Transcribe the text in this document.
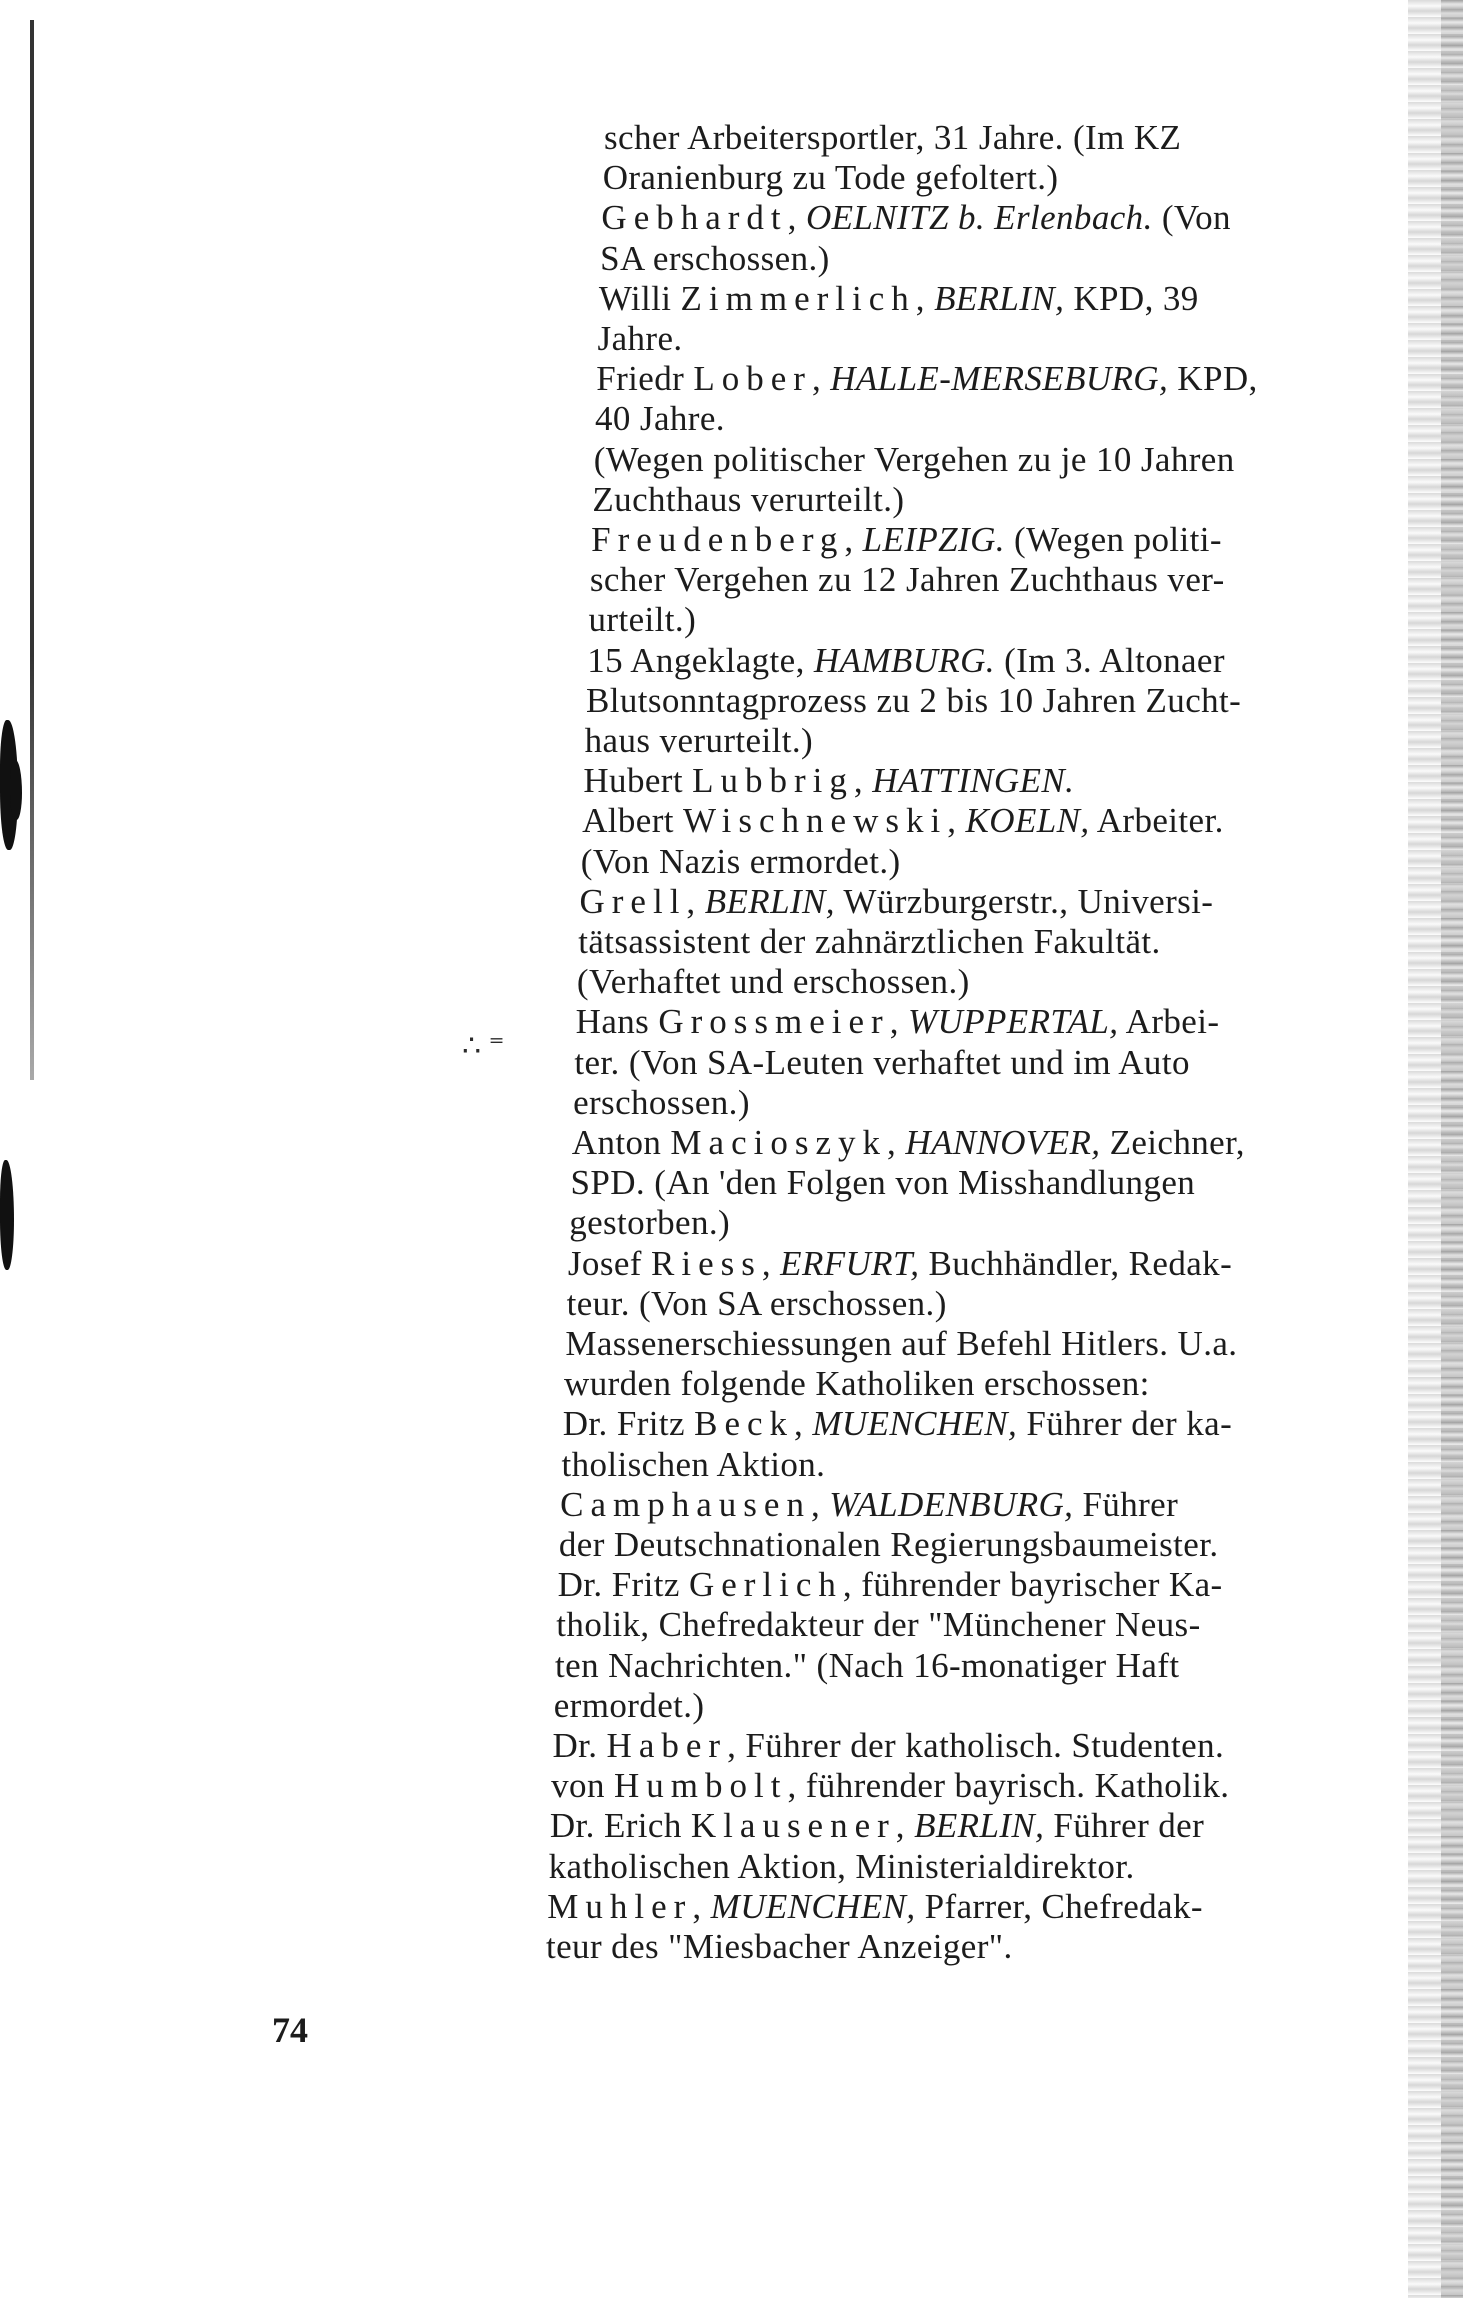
scher Arbeitersportler, 31 Jahre. (Im KZ
Oranienburg zu Tode gefoltert.)
Gebhardt, OELNITZ b. Erlenbach. (Von
SA erschossen.)
Willi Zimmerlich, BERLIN, KPD, 39
Jahre.
Friedr Lober, HALLE-MERSEBURG, KPD,
40 Jahre.
(Wegen politischer Vergehen zu je 10 Jahren
Zuchthaus verurteilt.)
Freudenberg, LEIPZIG. (Wegen politi-
scher Vergehen zu 12 Jahren Zuchthaus ver-
urteilt.)
15 Angeklagte, HAMBURG. (Im 3. Altonaer
Blutsonntagprozess zu 2 bis 10 Jahren Zucht-
haus verurteilt.)
Hubert Lubbrig, HATTINGEN.
Albert Wischnewski, KOELN, Arbeiter.
(Von Nazis ermordet.)
Grell, BERLIN, Würzburgerstr., Universi-
tätsassistent der zahnärztlichen Fakultät.
(Verhaftet und erschossen.)
Hans Grossmeier, WUPPERTAL, Arbei-
ter. (Von SA-Leuten verhaftet und im Auto
erschossen.)
Anton Macioszyk, HANNOVER, Zeichner,
SPD. (An 'den Folgen von Misshandlungen
gestorben.)
Josef Riess, ERFURT, Buchhändler, Redak-
teur. (Von SA erschossen.)
Massenerschiessungen auf Befehl Hitlers. U.a.
wurden folgende Katholiken erschossen:
Dr. Fritz Beck, MUENCHEN, Führer der ka-
tholischen Aktion.
Camphausen, WALDENBURG, Führer
der Deutschnationalen Regierungsbaumeister.
Dr. Fritz Gerlich, führender bayrischer Ka-
tholik, Chefredakteur der "Münchener Neus-
ten Nachrichten." (Nach 16-monatiger Haft
ermordet.)
Dr. Haber, Führer der katholisch. Studenten.
von Humbolt, führender bayrisch. Katholik.
Dr. Erich Klausener, BERLIN, Führer der
katholischen Aktion, Ministerialdirektor.
Muhler, MUENCHEN, Pfarrer, Chefredak-
teur des "Miesbacher Anzeiger".
∴ ⁼
74
